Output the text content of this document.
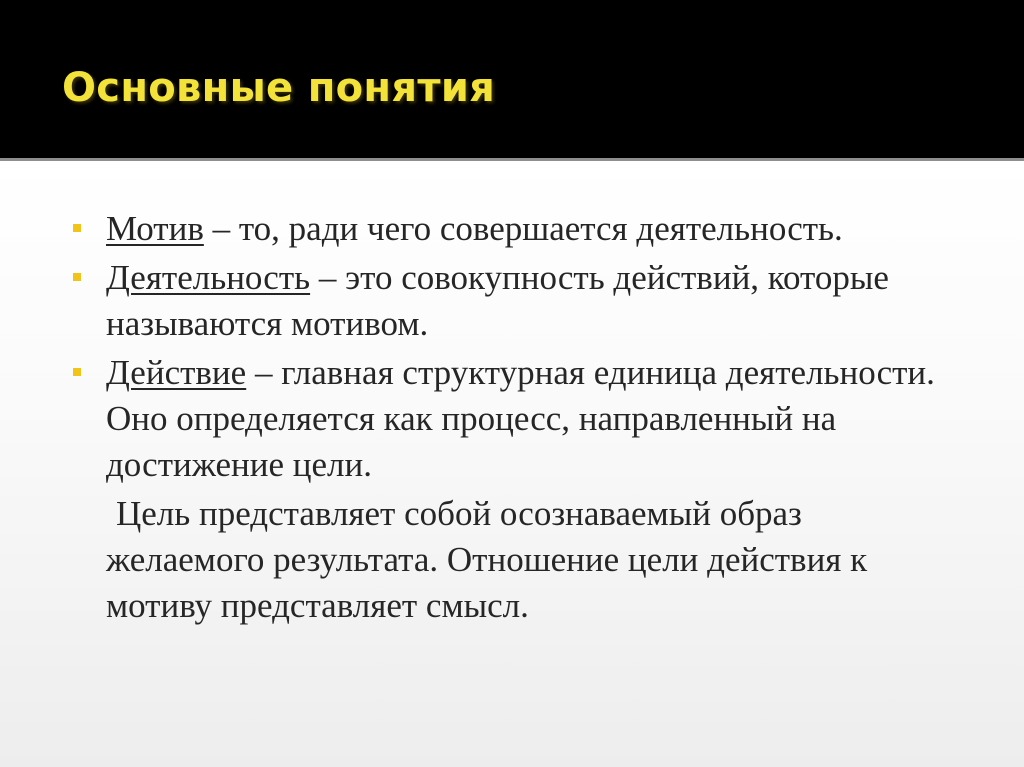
Основные понятия
Мотив – то, ради чего совершается деятельность.
Деятельность – это совокупность действий, которые называются мотивом.
Действие – главная структурная единица деятельности. Оно определяется как процесс, направленный на достижение цели.
Цель представляет собой осознаваемый образ желаемого результата. Отношение цели действия к мотиву представляет смысл.
